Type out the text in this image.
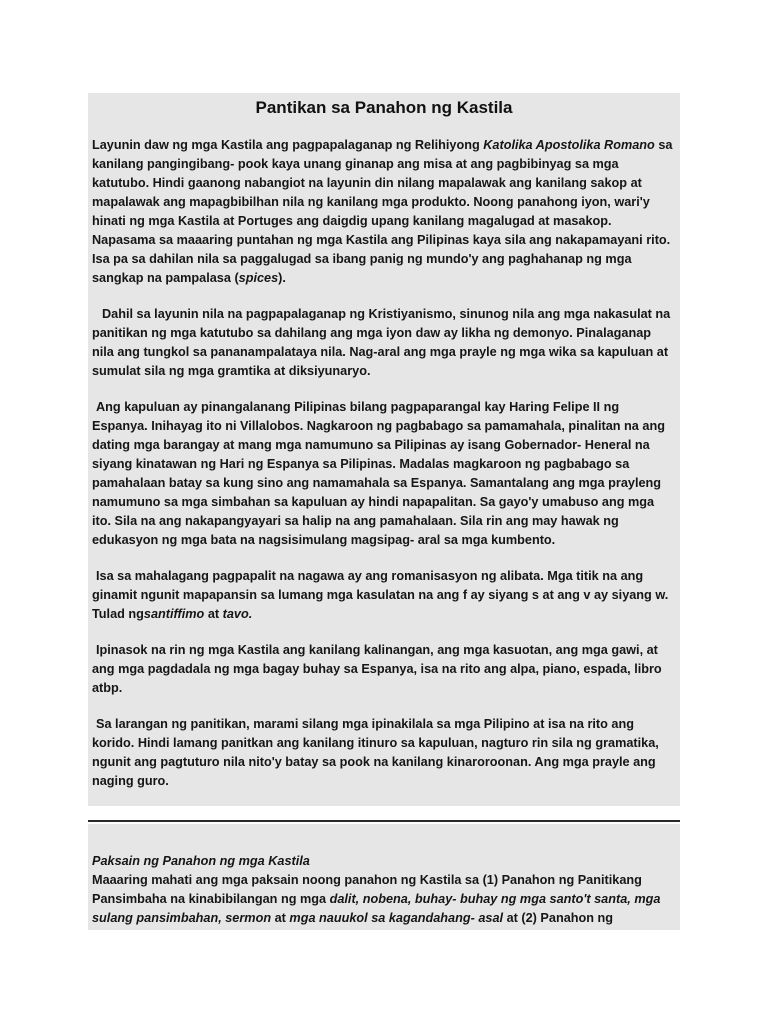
Pantikan sa Panahon ng Kastila

Layunin daw ng mga Kastila ang pagpapalaganap ng Relihiyong Katolika Apostolika Romano sa kanilang pangingibang- pook kaya unang ginanap ang misa at ang pagbibinyag sa mga katutubo. Hindi gaanong nabangiot na layunin din nilang mapalawak ang kanilang sakop at mapalawak ang mapagbibilhan nila ng kanilang mga produkto. Noong panahong iyon, wari'y hinati ng mga Kastila at Portuges ang daigdig upang kanilang magalugad at masakop. Napasama sa maaaring puntahan ng mga Kastila ang Pilipinas kaya sila ang nakapamayani rito. Isa pa sa dahilan nila sa paggalugad sa ibang panig ng mundo'y ang paghahanap ng mga sangkap na pampalasa (spices).

Dahil sa layunin nila na pagpapalaganap ng Kristiyanismo, sinunog nila ang mga nakasulat na panitikan ng mga katutubo sa dahilang ang mga iyon daw ay likha ng demonyo. Pinalaganap nila ang tungkol sa pananampalataya nila. Nag-aral ang mga prayle ng mga wika sa kapuluan at sumulat sila ng mga gramtika at diksiyunaryo.

Ang kapuluan ay pinangalanang Pilipinas bilang pagpaparangal kay Haring Felipe II ng Espanya. Inihayag ito ni Villalobos. Nagkaroon ng pagbabago sa pamamahala, pinalitan na ang dating mga barangay at mang mga namumuno sa Pilipinas ay isang Gobernador- Heneral na siyang kinatawan ng Hari ng Espanya sa Pilipinas. Madalas magkaroon ng pagbabago sa pamahalaan batay sa kung sino ang namamahala sa Espanya. Samantalang ang mga prayleng namumuno sa mga simbahan sa kapuluan ay hindi napapalitan. Sa gayo'y umabuso ang mga ito. Sila na ang nakapangyayari sa halip na ang pamahalaan. Sila rin ang may hawak ng edukasyon ng mga bata na nagsisimulang magsipag- aral sa mga kumbento.

Isa sa mahalagang pagpapalit na nagawa ay ang romanisasyon ng alibata. Mga titik na ang ginamit ngunit mapapansin sa lumang mga kasulatan na ang f ay siyang s at ang v ay siyang w. Tulad ngsantiffimo at tavo.

Ipinasok na rin ng mga Kastila ang kanilang kalinangan, ang mga kasuotan, ang mga gawi, at ang mga pagdadala ng mga bagay buhay sa Espanya, isa na rito ang alpa, piano, espada, libro atbp.

Sa larangan ng panitikan, marami silang mga ipinakilala sa mga Pilipino at isa na rito ang korido. Hindi lamang panitkan ang kanilang itinuro sa kapuluan, nagturo rin sila ng gramatika, ngunit ang pagtuturo nila nito'y batay sa pook na kanilang kinaroroonan. Ang mga prayle ang naging guro.

Paksain ng Panahon ng mga Kastila

Maaaring mahati ang mga paksain noong panahon ng Kastila sa (1) Panahon ng Panitikang Pansimbaha na kinabibilangan ng mga dalit, nobena, buhay- buhay ng mga santo't santa, mga sulang pansimbahan, sermon at mga nauukol sa kagandahang- asal at (2) Panahon ng
